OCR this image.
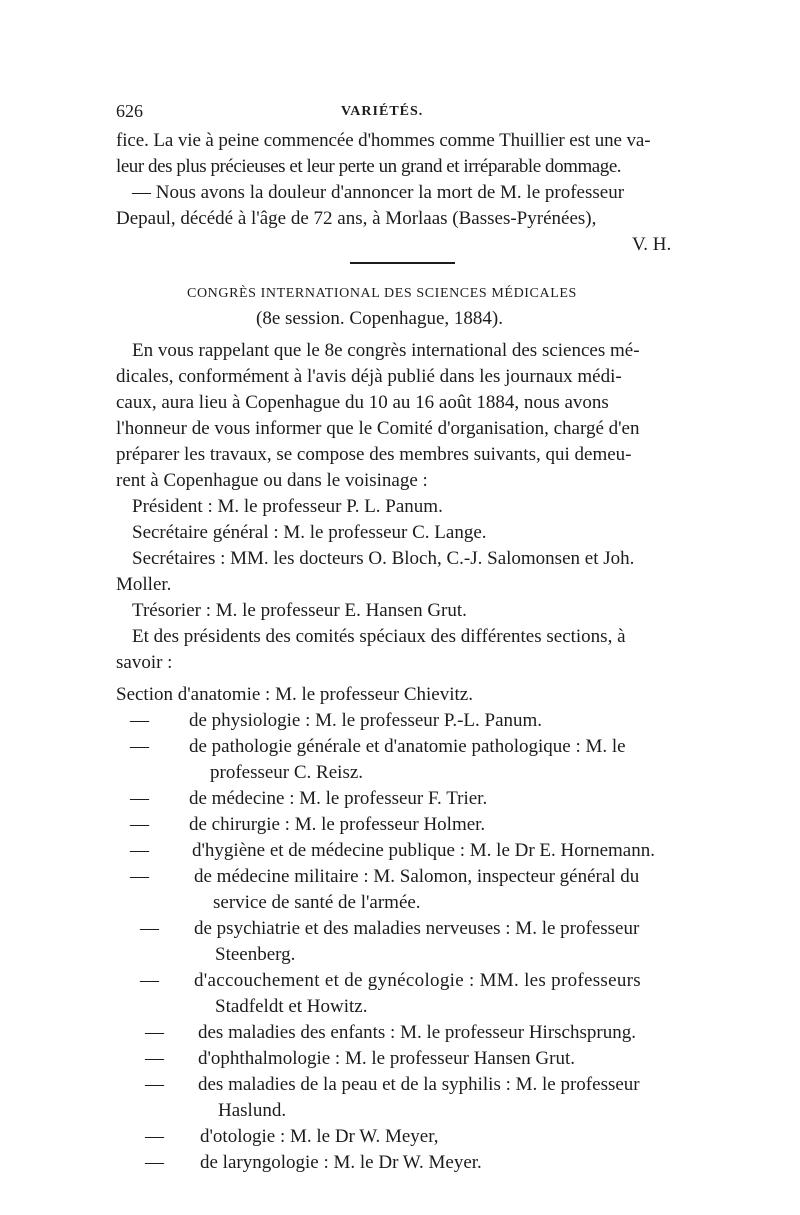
626	VARIÉTÉS.
fice. La vie à peine commencée d'hommes comme Thuillier est une va-
leur des plus précieuses et leur perte un grand et irréparable dommage.
— Nous avons la douleur d'annoncer la mort de M. le professeur
Depaul, décédé à l'âge de 72 ans, à Morlaas (Basses-Pyrénées),
V. H.
CONGRÈS INTERNATIONAL DES SCIENCES MÉDICALES
(8e session. Copenhague, 1884).
En vous rappelant que le 8e congrès international des sciences mé-
dicales, conformément à l'avis déjà publié dans les journaux médi-
caux, aura lieu à Copenhague du 10 au 16 août 1884, nous avons
l'honneur de vous informer que le Comité d'organisation, chargé d'en
préparer les travaux, se compose des membres suivants, qui demeu-
rent à Copenhague ou dans le voisinage :
Président : M. le professeur P. L. Panum.
Secrétaire général : M. le professeur C. Lange.
Secrétaires : MM. les docteurs O. Bloch, C.-J. Salomonsen et Joh.
Moller.
Trésorier : M. le professeur E. Hansen Grut.
Et des présidents des comités spéciaux des différentes sections, à
savoir :
Section d'anatomie : M. le professeur Chievitz.
— de physiologie : M. le professeur P.-L. Panum.
— de pathologie générale et d'anatomie pathologique : M. le
professeur C. Reisz.
— de médecine : M. le professeur F. Trier.
— de chirurgie : M. le professeur Holmer.
— d'hygiène et de médecine publique : M. le Dr E. Hornemann.
— de médecine militaire : M. Salomon, inspecteur général du
service de santé de l'armée.
— de psychiatrie et des maladies nerveuses : M. le professeur
Steenberg.
— d'accouchement et de gynécologie : MM. les professeurs
Stadfeldt et Howitz.
— des maladies des enfants : M. le professeur Hirschsprung.
— d'ophthalmologie : M. le professeur Hansen Grut.
— des maladies de la peau et de la syphilis : M. le professeur
Haslund.
— d'otologie : M. le Dr W. Meyer,
— de laryngologie : M. le Dr W. Meyer.
